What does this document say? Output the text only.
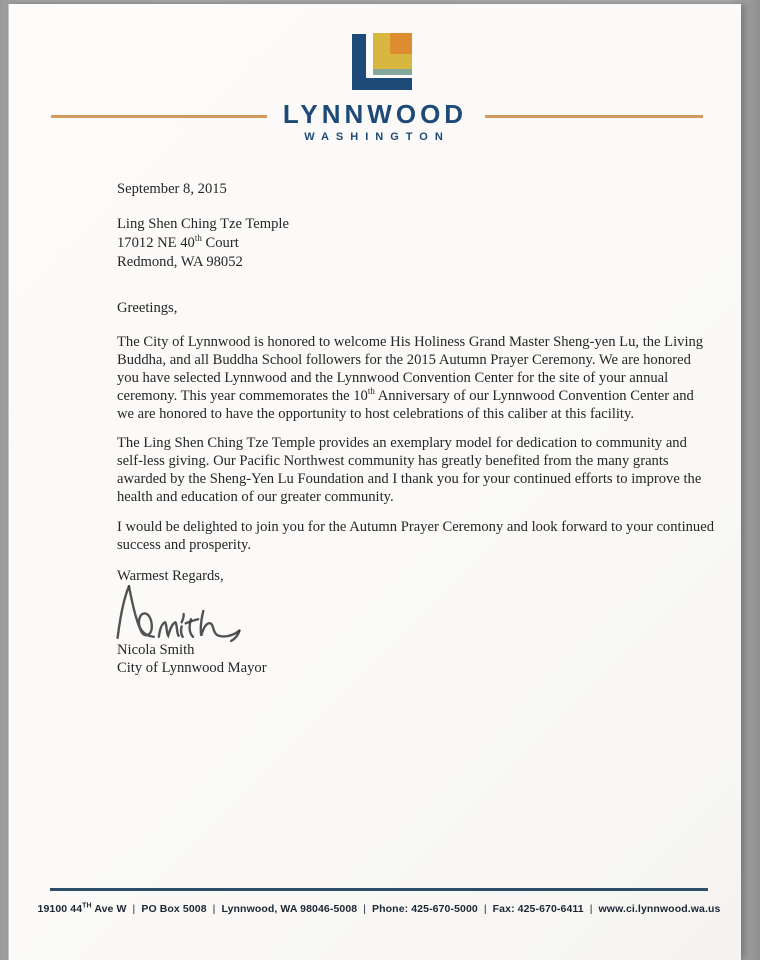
LYNNWOOD
WASHINGTON
September 8, 2015
Ling Shen Ching Tze Temple
17012 NE 40th Court
Redmond, WA 98052
Greetings,

The City of Lynnwood is honored to welcome His Holiness Grand Master Sheng-yen Lu, the Living Buddha, and all Buddha School followers for the 2015 Autumn Prayer Ceremony. We are honored you have selected Lynnwood and the Lynnwood Convention Center for the site of your annual ceremony. This year commemorates the 10th Anniversary of our Lynnwood Convention Center and we are honored to have the opportunity to host celebrations of this caliber at this facility.

The Ling Shen Ching Tze Temple provides an exemplary model for dedication to community and self-less giving. Our Pacific Northwest community has greatly benefited from the many grants awarded by the Sheng-Yen Lu Foundation and I thank you for your continued efforts to improve the health and education of our greater community.

I would be delighted to join you for the Autumn Prayer Ceremony and look forward to your continued success and prosperity.

Warmest Regards,
Nicola Smith
City of Lynnwood Mayor
19100 44TH Ave W | PO Box 5008 | Lynnwood, WA 98046-5008 | Phone: 425-670-5000 | Fax: 425-670-6411 | www.ci.lynnwood.wa.us
